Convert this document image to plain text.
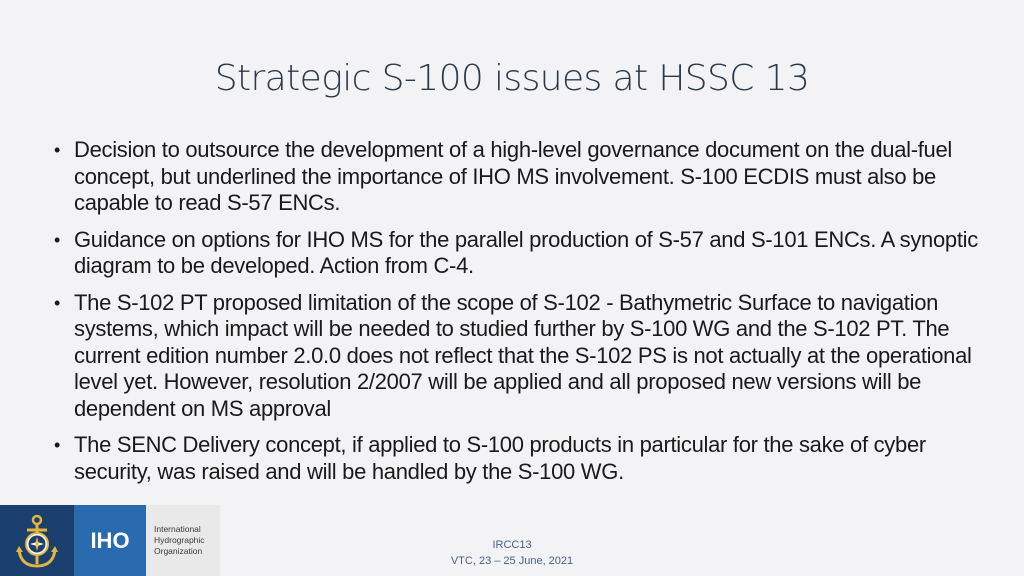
Strategic S-100 issues at HSSC 13
• Decision to outsource the development of a high-level governance document on the dual-fuel concept, but underlined the importance of IHO MS involvement. S-100 ECDIS must also be capable to read S-57 ENCs.
• Guidance on options for IHO MS for the parallel production of S-57 and S-101 ENCs. A synoptic diagram to be developed. Action from C-4.
• The S-102 PT proposed limitation of the scope of S-102 - Bathymetric Surface to navigation systems, which impact will be needed to studied further by S-100 WG and the S-102 PT. The current edition number 2.0.0 does not reflect that the S-102 PS is not actually at the operational level yet. However, resolution 2/2007 will be applied and all proposed new versions will be dependent on MS approval
• The SENC Delivery concept, if applied to S-100 products in particular for the sake of cyber security, was raised and will be handled by the S-100 WG.
IHO	International
Hydrographic
Organization	IRCC13
VTC, 23 – 25 June, 2021
